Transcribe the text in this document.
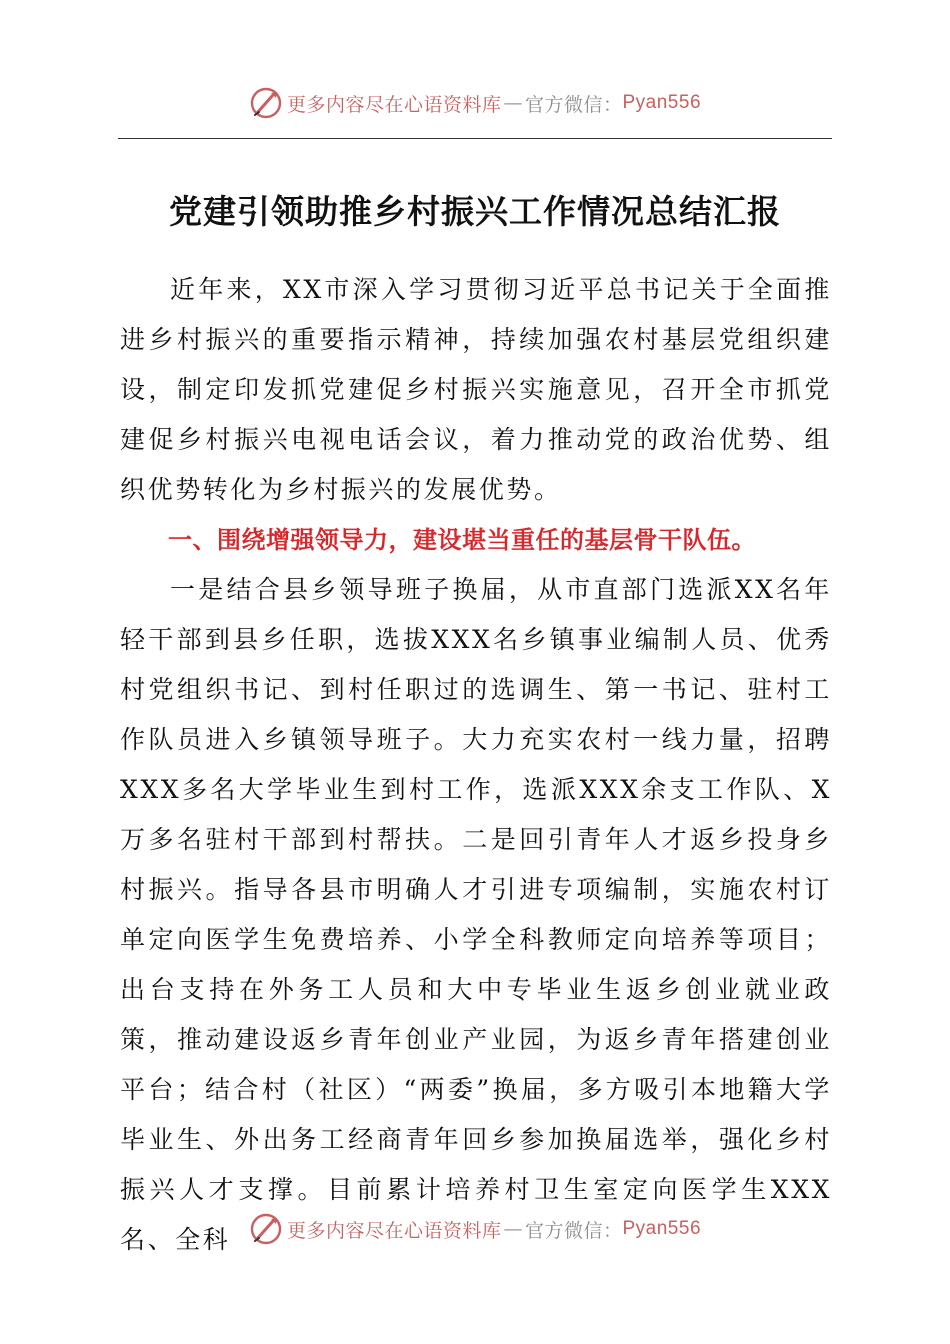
更多内容尽在心语资料库 — 官方微信： Pyan556
党建引领助推乡村振兴工作情况总结汇报

近年来，XX市深入学习贯彻习近平总书记关于全面推进乡村振兴的重要指示精神，持续加强农村基层党组织建设，制定印发抓党建促乡村振兴实施意见，召开全市抓党建促乡村振兴电视电话会议，着力推动党的政治优势、组织优势转化为乡村振兴的发展优势。

一、围绕增强领导力，建设堪当重任的基层骨干队伍。

一是结合县乡领导班子换届，从市直部门选派XX名年轻干部到县乡任职，选拔XXX名乡镇事业编制人员、优秀村党组织书记、到村任职过的选调生、第一书记、驻村工作队员进入乡镇领导班子。大力充实农村一线力量，招聘XXX多名大学毕业生到村工作，选派XXX余支工作队、X万多名驻村干部到村帮扶。二是回引青年人才返乡投身乡村振兴。指导各县市明确人才引进专项编制，实施农村订单定向医学生免费培养、小学全科教师定向培养等项目；出台支持在外务工人员和大中专毕业生返乡创业就业政策，推动建设返乡青年创业产业园，为返乡青年搭建创业平台；结合村（社区）“两委”换届，多方吸引本地籍大学毕业生、外出务工经商青年回乡参加换届选举，强化乡村振兴人才支撑。目前累计培养村卫生室定向医学生XXX名、全科	更多内容尽在心语资料库 — 官方微信： Pyan556
